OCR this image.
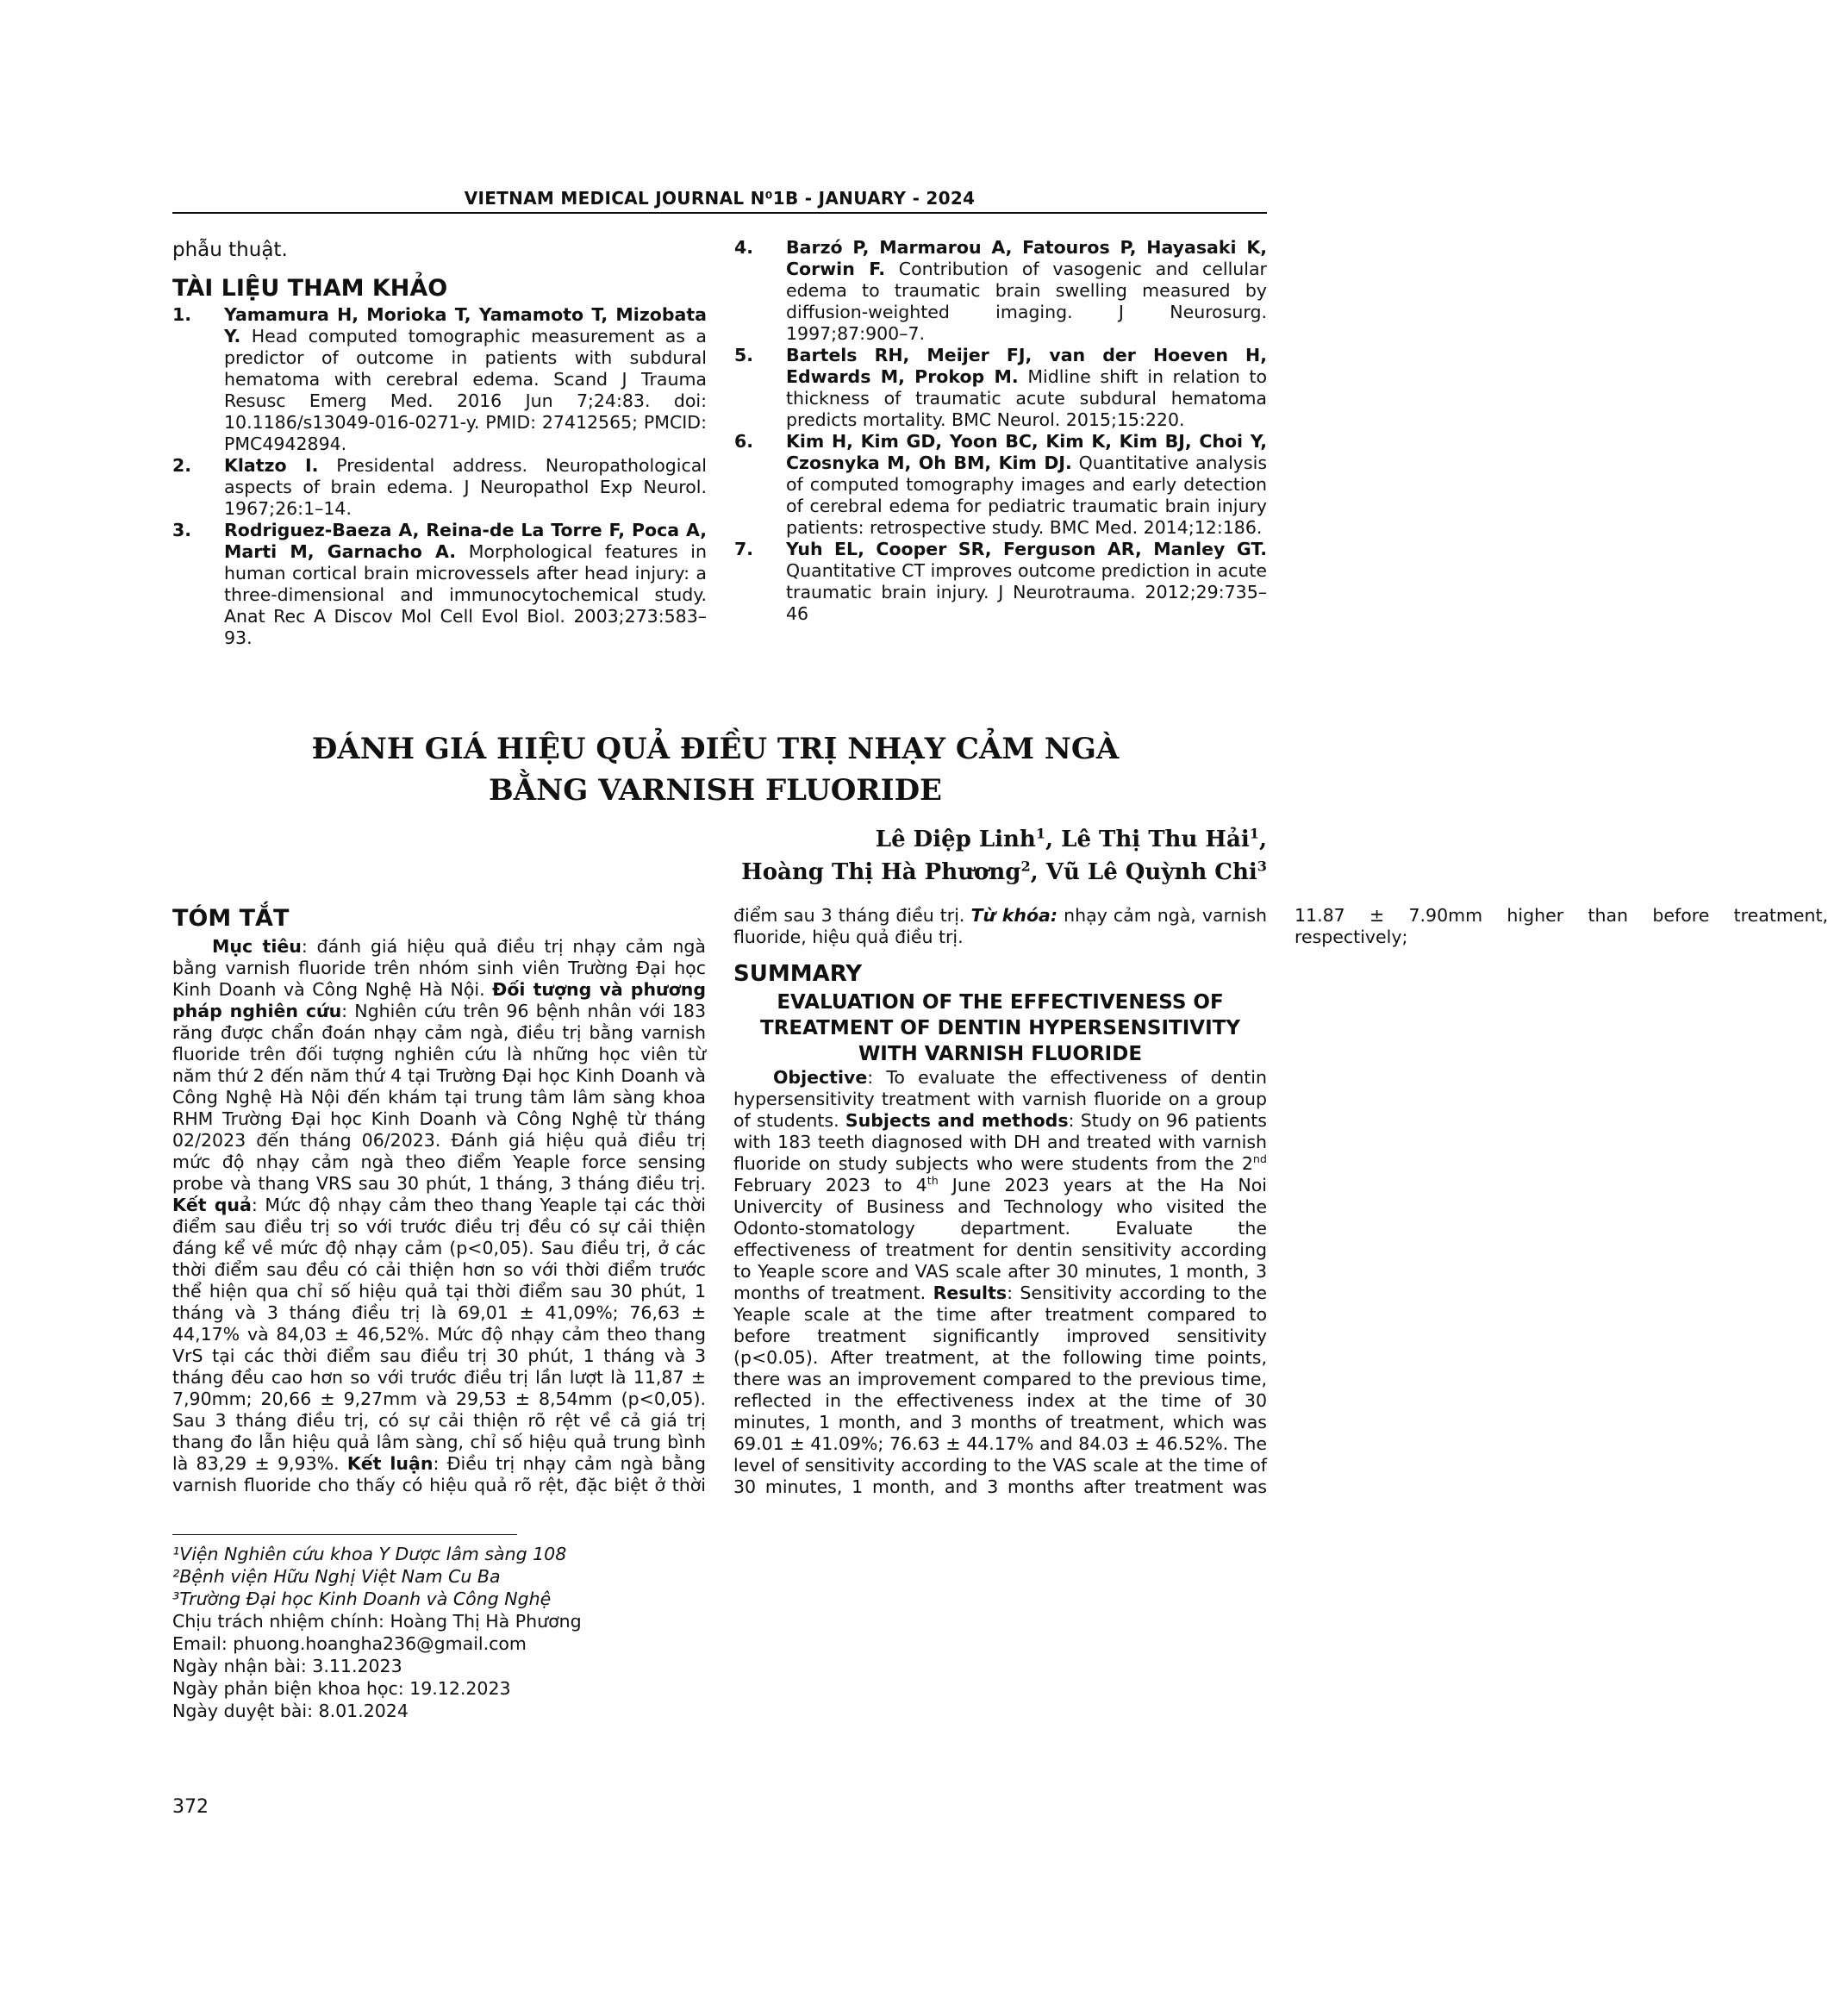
VIETNAM MEDICAL JOURNAL N⁰1B - JANUARY - 2024
phẫu thuật.
TÀI LIỆU THAM KHẢO
1. Yamamura H, Morioka T, Yamamoto T, Mizobata Y. Head computed tomographic measurement as a predictor of outcome in patients with subdural hematoma with cerebral edema. Scand J Trauma Resusc Emerg Med. 2016 Jun 7;24:83. doi: 10.1186/s13049-016-0271-y. PMID: 27412565; PMCID: PMC4942894.
2. Klatzo I. Presidental address. Neuropathological aspects of brain edema. J Neuropathol Exp Neurol. 1967;26:1–14.
3. Rodriguez-Baeza A, Reina-de La Torre F, Poca A, Marti M, Garnacho A. Morphological features in human cortical brain microvessels after head injury: a three-dimensional and immunocytochemical study. Anat Rec A Discov Mol Cell Evol Biol. 2003;273:583–93.
4. Barzó P, Marmarou A, Fatouros P, Hayasaki K, Corwin F. Contribution of vasogenic and cellular edema to traumatic brain swelling measured by diffusion-weighted imaging. J Neurosurg. 1997;87:900–7.
5. Bartels RH, Meijer FJ, van der Hoeven H, Edwards M, Prokop M. Midline shift in relation to thickness of traumatic acute subdural hematoma predicts mortality. BMC Neurol. 2015;15:220.
6. Kim H, Kim GD, Yoon BC, Kim K, Kim BJ, Choi Y, Czosnyka M, Oh BM, Kim DJ. Quantitative analysis of computed tomography images and early detection of cerebral edema for pediatric traumatic brain injury patients: retrospective study. BMC Med. 2014;12:186.
7. Yuh EL, Cooper SR, Ferguson AR, Manley GT. Quantitative CT improves outcome prediction in acute traumatic brain injury. J Neurotrauma. 2012;29:735–46
ĐÁNH GIÁ HIỆU QUẢ ĐIỀU TRỊ NHẠY CẢM NGÀ
BẰNG VARNISH FLUORIDE
Lê Diệp Linh$^1$, Lê Thị Thu Hải$^1$,
Hoàng Thị Hà Phương$^2$, Vũ Lê Quỳnh Chi$^3$
TÓM TẮT

Mục tiêu: đánh giá hiệu quả điều trị nhạy cảm ngà bằng varnish fluoride trên nhóm sinh viên Trường Đại học Kinh Doanh và Công Nghệ Hà Nội. Đối tượng và phương pháp nghiên cứu: Nghiên cứu trên 96 bệnh nhân với 183 răng được chẩn đoán nhạy cảm ngà, điều trị bằng varnish fluoride trên đối tượng nghiên cứu là những học viên từ năm thứ 2 đến năm thứ 4 tại Trường Đại học Kinh Doanh và Công Nghệ Hà Nội đến khám tại trung tâm lâm sàng khoa RHM Trường Đại học Kinh Doanh và Công Nghệ từ tháng 02/2023 đến tháng 06/2023. Đánh giá hiệu quả điều trị mức độ nhạy cảm ngà theo điểm Yeaple force sensing probe và thang VRS sau 30 phút, 1 tháng, 3 tháng điều trị. Kết quả: Mức độ nhạy cảm theo thang Yeaple tại các thời điểm sau điều trị so với trước điều trị đều có sự cải thiện đáng kể về mức độ nhạy cảm (p<0,05). Sau điều trị, ở các thời điểm sau đều có cải thiện hơn so với thời điểm trước thể hiện qua chỉ số hiệu quả tại thời điểm sau 30 phút, 1 tháng và 3 tháng điều trị là 69,01 ± 41,09%; 76,63 ± 44,17% và 84,03 ± 46,52%. Mức độ nhạy cảm theo thang VrS tại các thời điểm sau điều trị 30 phút, 1 tháng và 3 tháng đều cao hơn so với trước điều trị lần lượt là 11,87 ± 7,90mm; 20,66 ± 9,27mm và 29,53 ± 8,54mm (p<0,05). Sau 3 tháng điều trị, có sự cải thiện rõ rệt về cả giá trị thang đo lẫn hiệu quả lâm sàng, chỉ số hiệu quả trung bình là 83,29 ± 9,93%. Kết luận: Điều trị nhạy cảm ngà bằng varnish fluoride cho thấy có hiệu quả rõ rệt, đặc biệt ở thời điểm sau 3 tháng điều trị. Từ khóa: nhạy cảm ngà, varnish fluoride, hiệu quả điều trị.

SUMMARY
EVALUATION OF THE EFFECTIVENESS OF TREATMENT OF DENTIN HYPERSENSITIVITY WITH VARNISH FLUORIDE

Objective: To evaluate the effectiveness of dentin hypersensitivity treatment with varnish fluoride on a group of students. Subjects and methods: Study on 96 patients with 183 teeth diagnosed with DH and treated with varnish fluoride on study subjects who were students from the 2nd February 2023 to 4th June 2023 years at the Ha Noi Univercity of Business and Technology who visited the Odonto-stomatology department. Evaluate the effectiveness of treatment for dentin sensitivity according to Yeaple score and VAS scale after 30 minutes, 1 month, 3 months of treatment. Results: Sensitivity according to the Yeaple scale at the time after treatment compared to before treatment significantly improved sensitivity (p<0.05). After treatment, at the following time points, there was an improvement compared to the previous time, reflected in the effectiveness index at the time of 30 minutes, 1 month, and 3 months of treatment, which was 69.01 ± 41.09%; 76.63 ± 44.17% and 84.03 ± 46.52%. The level of sensitivity according to the VAS scale at the time of 30 minutes, 1 month, and 3 months after treatment was 11.87 ± 7.90mm higher than before treatment, respectively;

¹Viện Nghiên cứu khoa Y Dược lâm sàng 108
²Bệnh viện Hữu Nghị Việt Nam Cu Ba
³Trường Đại học Kinh Doanh và Công Nghệ
Chịu trách nhiệm chính: Hoàng Thị Hà Phương
Email: phuong.hoangha236@gmail.com
Ngày nhận bài: 3.11.2023
Ngày phản biện khoa học: 19.12.2023
Ngày duyệt bài: 8.01.2024
372
